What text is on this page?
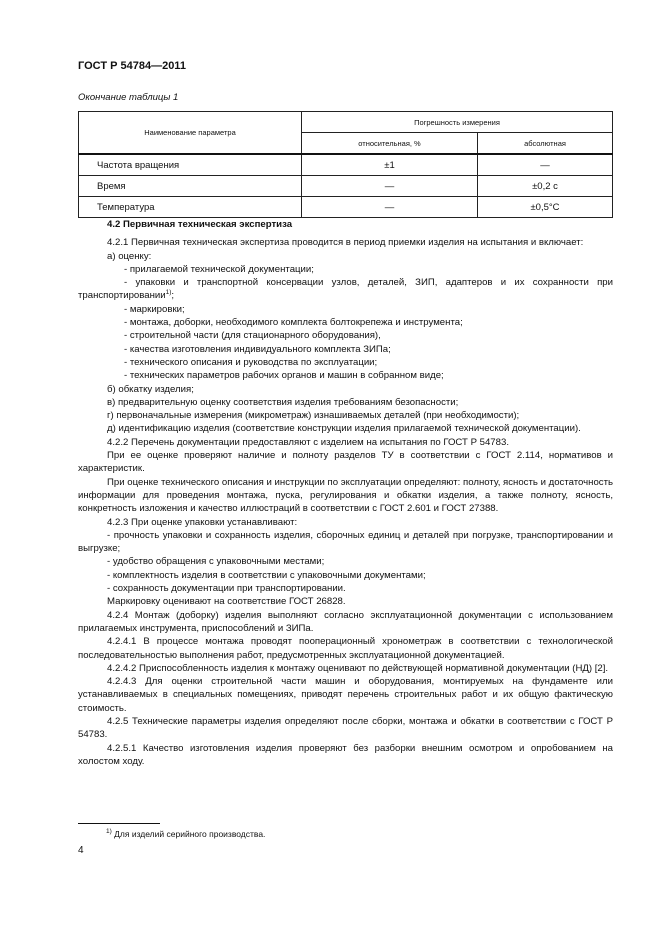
ГОСТ Р 54784—2011
Окончание таблицы 1
Наименование параметра	Погрешность измерения	
	относительная, %	абсолютная
Частота вращения	±1	—
Время	—	±0,2 с
Температура	—	±0,5°С

4.2 Первичная техническая экспертиза

4.2.1 Первичная техническая экспертиза проводится в период приемки изделия на испытания и включает:

а) оценку:

- прилагаемой технической документации;

- упаковки и транспортной консервации узлов, деталей, ЗИП, адаптеров и их сохранности при транспортировании$^{1)}$;

- маркировки;

- монтажа, доборки, необходимого комплекта болтокрепежа и инструмента;

- строительной части (для стационарного оборудования),

- качества изготовления индивидуального комплекта ЗИПа;

- технического описания и руководства по эксплуатации;

- технических параметров рабочих органов и машин в собранном виде;

б) обкатку изделия;

в) предварительную оценку соответствия изделия требованиям безопасности;

г) первоначальные измерения (микрометраж) изнашиваемых деталей (при необходимости);

д) идентификацию изделия (соответствие конструкции изделия прилагаемой технической документации).

4.2.2 Перечень документации предоставляют с изделием на испытания по ГОСТ Р 54783.

При ее оценке проверяют наличие и полноту разделов ТУ в соответствии с ГОСТ 2.114, нормативов и характеристик.

При оценке технического описания и инструкции по эксплуатации определяют: полноту, ясность и достаточность информации для проведения монтажа, пуска, регулирования и обкатки изделия, а также полноту, ясность, конкретность изложения и качество иллюстраций в соответствии с ГОСТ 2.601 и ГОСТ 27388.

4.2.3 При оценке упаковки устанавливают:

- прочность упаковки и сохранность изделия, сборочных единиц и деталей при погрузке, транспортировании и выгрузке;

- удобство обращения с упаковочными местами;

- комплектность изделия в соответствии с упаковочными документами;

- сохранность документации при транспортировании.

Маркировку оценивают на соответствие ГОСТ 26828.

4.2.4 Монтаж (доборку) изделия выполняют согласно эксплуатационной документации с использованием прилагаемых инструмента, приспособлений и ЗИПа.

4.2.4.1 В процессе монтажа проводят пооперационный хронометраж в соответствии с технологической последовательностью выполнения работ, предусмотренных эксплуатационной документацией.

4.2.4.2 Приспособленность изделия к монтажу оценивают по действующей нормативной документации (НД) [2].

4.2.4.3 Для оценки строительной части машин и оборудования, монтируемых на фундаменте или устанавливаемых в специальных помещениях, приводят перечень строительных работ и их общую фактическую стоимость.

4.2.5 Технические параметры изделия определяют после сборки, монтажа и обкатки в соответствии с ГОСТ Р 54783.

4.2.5.1 Качество изготовления изделия проверяют без разборки внешним осмотром и опробованием на холостом ходу.

$^{1)}$ Для изделий серийного производства.
4
